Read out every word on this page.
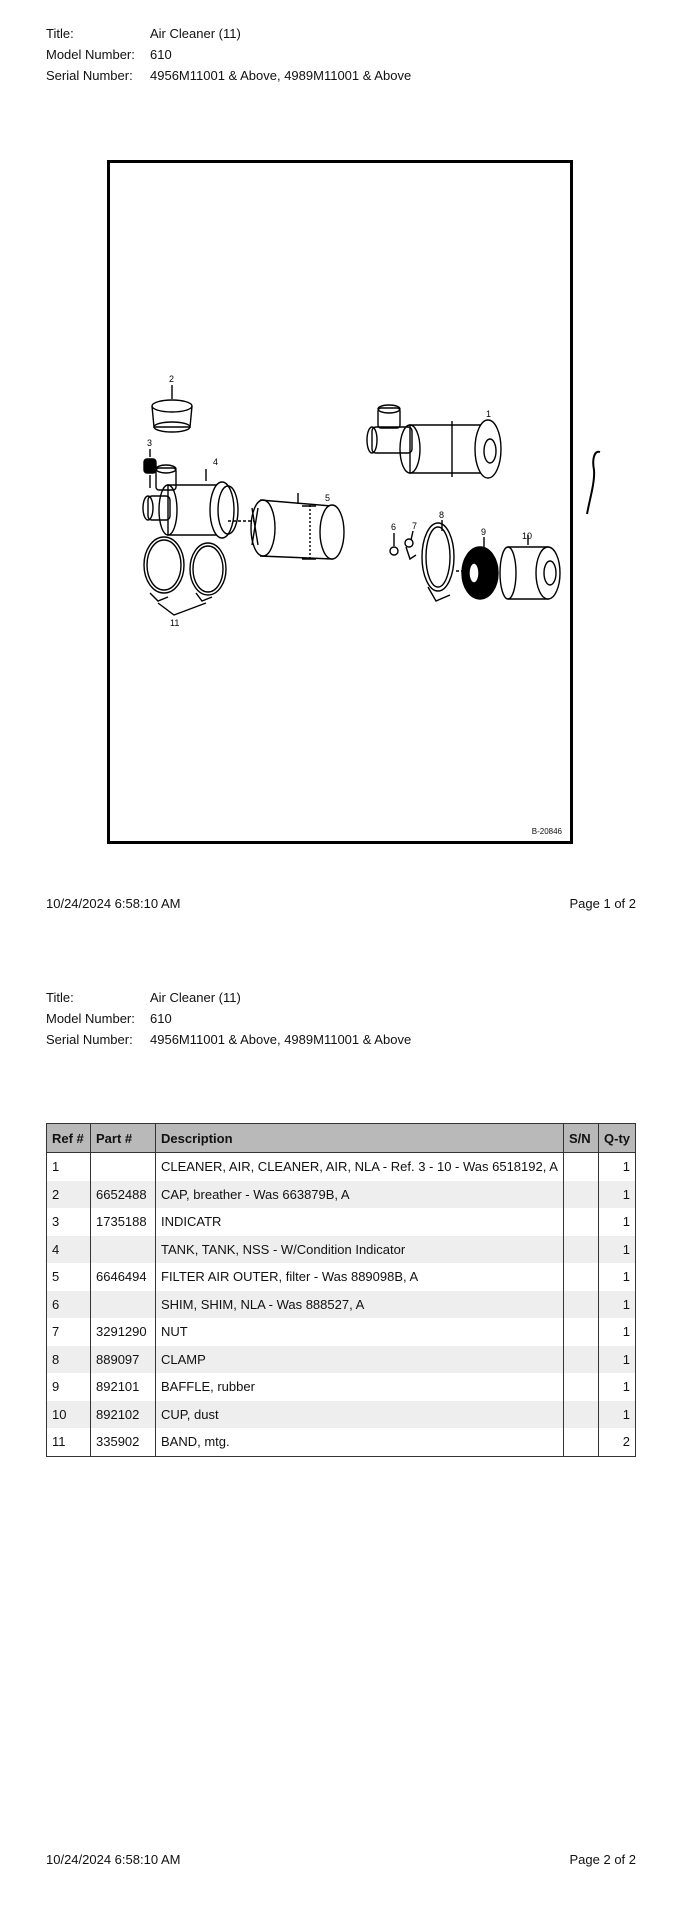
Title:	Air Cleaner (11)
Model Number:	610
Serial Number:	4956M11001 & Above, 4989M11001 & Above
1
2
3
4
5
6 7
8
9	10
11
B-20846
10/24/2024 6:58:10 AM	Page 1 of 2
Title:	Air Cleaner (11)
Model Number:	610
Serial Number:	4956M11001 & Above, 4989M11001 & Above
Ref #	Part #	Description	S/N	Q-ty
1		CLEANER, AIR, CLEANER, AIR, NLA - Ref. 3 - 10 - Was 6518192, A		1
2	6652488	CAP, breather - Was 663879B, A		1
3	1735188	INDICATR		1
4		TANK, TANK, NSS - W/Condition Indicator		1
5	6646494	FILTER AIR OUTER, filter - Was 889098B, A		1
6		SHIM, SHIM, NLA - Was 888527, A		1
7	3291290	NUT		1
8	889097	CLAMP		1
9	892101	BAFFLE, rubber		1
10	892102	CUP, dust		1
11	335902	BAND, mtg.		2
10/24/2024 6:58:10 AM	Page 2 of 2
